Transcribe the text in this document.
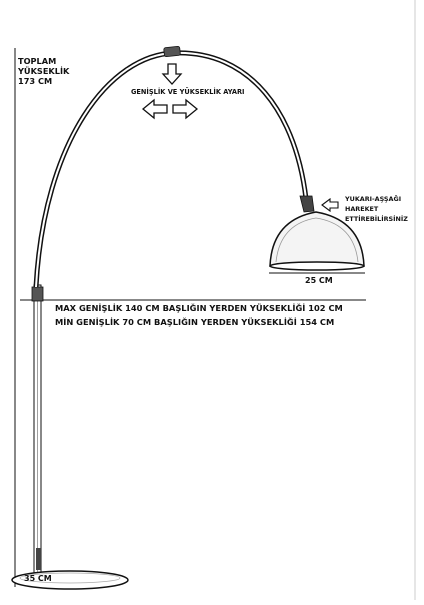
TOPLAM
YÜKSEKLİK
173 CM
GENİŞLİK VE YÜKSEKLİK AYARI
YUKARI-AŞŞAĞI
HAREKET
ETTİREBİLİRSİNİZ
25 CM
35 CM
MAX GENİŞLİK 140 CM BAŞLIĞIN YERDEN YÜKSEKLİĞİ 102 CM
MİN GENİŞLİK 70 CM BAŞLIĞIN YERDEN YÜKSEKLİĞİ 154 CM
